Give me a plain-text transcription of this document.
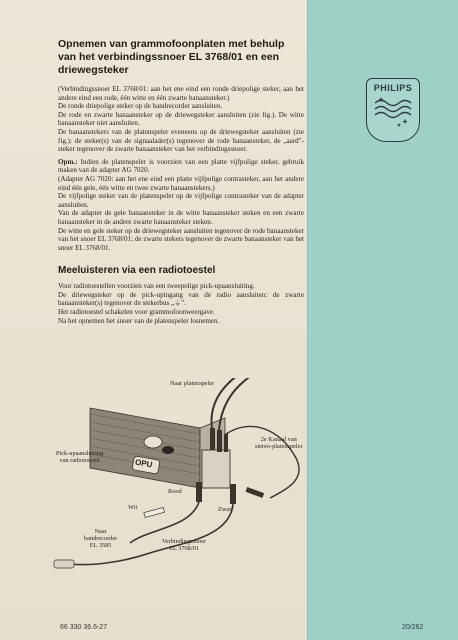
PHILIPS
Opnemen van grammofoonplaten met behulp van het verbindingssnoer EL 3768/01 en een driewegsteker

(Verbindingssnoer EL 3768/01: aan het ene eind een ronde driepolige steker, aan het andere eind een rode, één witte en één zwarte banaansteker.)

De ronde driepolige steker op de bandrecorder aansluiten.

De rode en zwarte banaansteker op de driewegsteker aansluiten (zie fig.). De witte banaansteker niet aansluiten.

De banaanstekers van de platenspeler eveneens op de driewegsteker aansluiten (zie fig.): de steker(s) van de signaalader(s) tegenover de rode banaansteker, de „aard"-steker tegenover de zwarte banaansteker van het verbindingssnoer.

Opm.: Indien de platenspeler is voorzien van een platte vijfpolige steker, gebruik maken van de adapter AG 7020.

(Adapter AG 7020: aan het ene eind een platte vijfpolige contrasteker, aan het andere eind één gele, één witte en twee zwarte banaanstekers.)

De vijfpolige steker van de platenspeler op de vijfpolige contrasteker van de adapter aansluiten.

Van de adapter de gele banaansteker in de witte banaansteker steken en een zwarte banaansteker in de andere zwarte banaansteker steken.

De witte en gele steker op de driewegsteker aansluiten tegenover de rode banaansteker van het snoer EL 3768/01; de zwarte stekers tegenover de zwarte banaansteker van het snoer EL 3768/01.

Meeluisteren via een radiotoestel

Voor radiotoestellen voorzien van een tweepolige pick-upaansluiting.

De driewegsteker op de pick-upingang van de radio aansluiten: de zwarte banaansteker(s) tegenover de stekerbus „⏚".

Het radiotoestel schakelen voor grammofoonweergave.

Na het opnemen het snoer van de platenspeler losnemen.

Naar platenspeler
2e Kanaal van
stereo-platenspeler
Pick-upaansluiting
van radiotoestel	OPU
Rood
Wit	Zwart
Naar
bandrecorder
EL 3585
Verbindingssnoer
EL 3768/01
66 330 36.6-27	20/262
